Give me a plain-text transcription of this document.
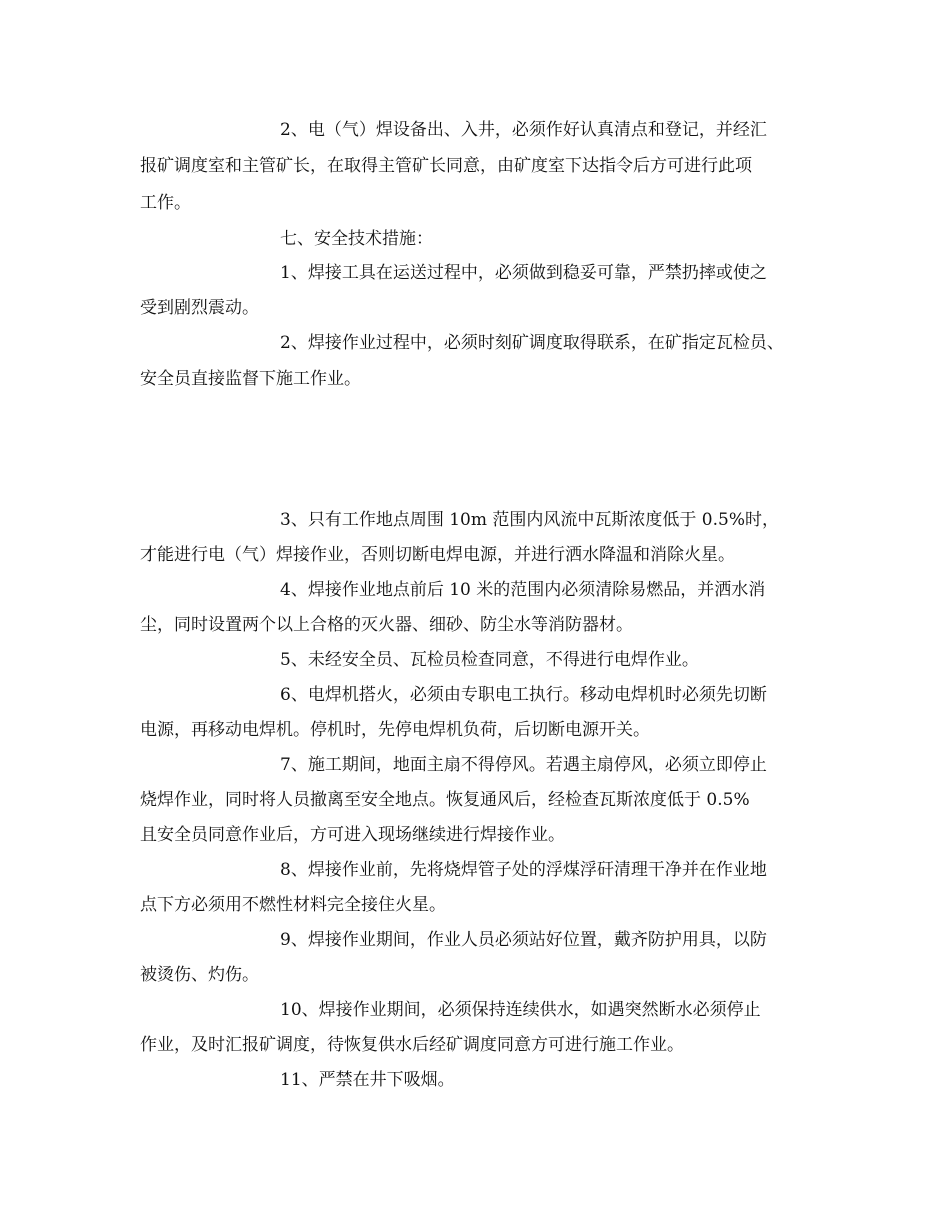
2、电（气）焊设备出、入井，必须作好认真清点和登记，并经汇
报矿调度室和主管矿长，在取得主管矿长同意，由矿度室下达指令后方可进行此项
工作。
七、安全技术措施：
1、焊接工具在运送过程中，必须做到稳妥可靠，严禁扔摔或使之
受到剧烈震动。
2、焊接作业过程中，必须时刻矿调度取得联系，在矿指定瓦检员、
安全员直接监督下施工作业。
3、只有工作地点周围 10m 范围内风流中瓦斯浓度低于 0.5%时，
才能进行电（气）焊接作业，否则切断电焊电源，并进行洒水降温和消除火星。
4、焊接作业地点前后 10 米的范围内必须清除易燃品，并洒水消
尘，同时设置两个以上合格的灭火器、细砂、防尘水等消防器材。
5、未经安全员、瓦检员检查同意，不得进行电焊作业。
6、电焊机搭火，必须由专职电工执行。移动电焊机时必须先切断
电源，再移动电焊机。停机时，先停电焊机负荷，后切断电源开关。
7、施工期间，地面主扇不得停风。若遇主扇停风，必须立即停止
烧焊作业，同时将人员撤离至安全地点。恢复通风后，经检查瓦斯浓度低于 0.5%
且安全员同意作业后，方可进入现场继续进行焊接作业。
8、焊接作业前，先将烧焊管子处的浮煤浮矸清理干净并在作业地
点下方必须用不燃性材料完全接住火星。
9、焊接作业期间，作业人员必须站好位置，戴齐防护用具，以防
被烫伤、灼伤。
10、焊接作业期间，必须保持连续供水，如遇突然断水必须停止
作业，及时汇报矿调度，待恢复供水后经矿调度同意方可进行施工作业。
11、严禁在井下吸烟。
